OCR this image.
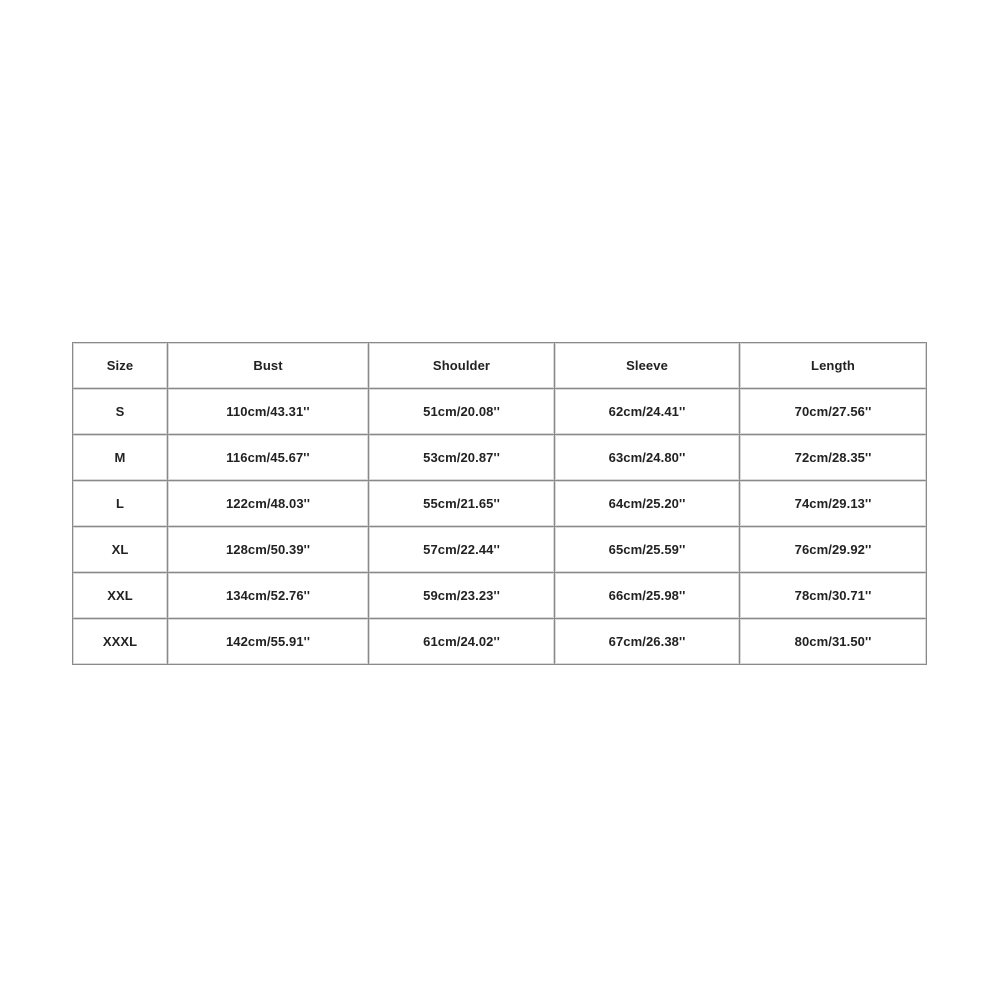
Size	Bust	Shoulder	Sleeve	Length
S	110cm/43.31''	51cm/20.08''	62cm/24.41''	70cm/27.56''
M	116cm/45.67''	53cm/20.87''	63cm/24.80''	72cm/28.35''
L	122cm/48.03''	55cm/21.65''	64cm/25.20''	74cm/29.13''
XL	128cm/50.39''	57cm/22.44''	65cm/25.59''	76cm/29.92''
XXL	134cm/52.76''	59cm/23.23''	66cm/25.98''	78cm/30.71''
XXXL	142cm/55.91''	61cm/24.02''	67cm/26.38''	80cm/31.50''
